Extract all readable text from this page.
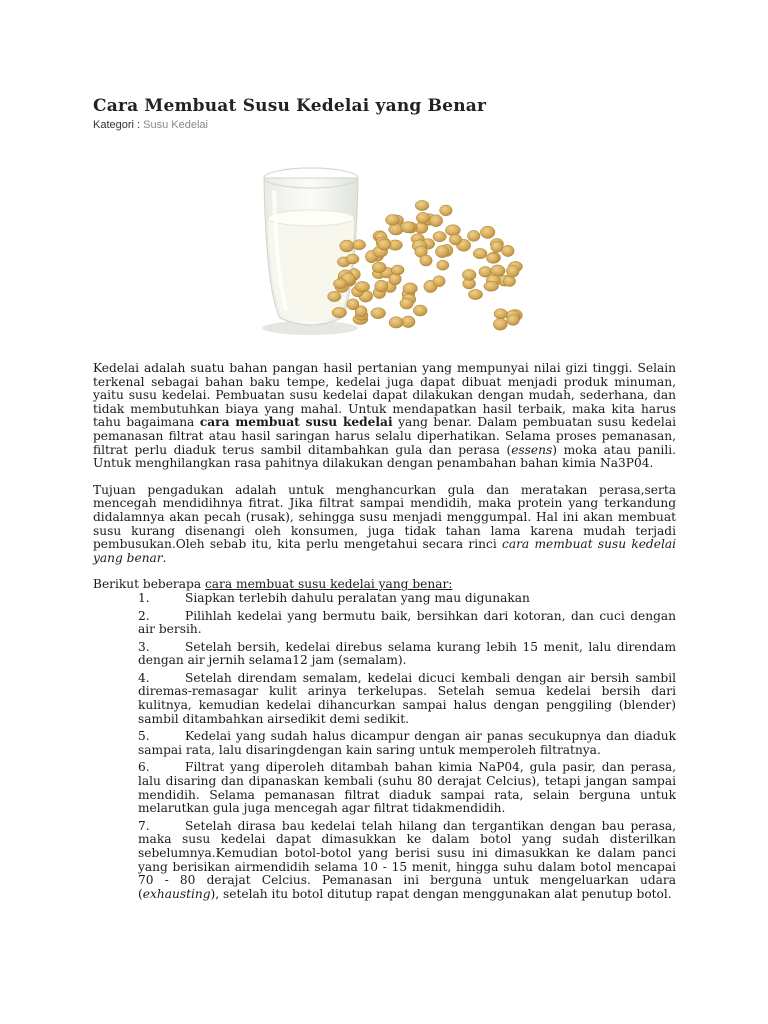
Cara Membuat Susu Kedelai yang Benar
Kategori : Susu Kedelai

Kedelai adalah suatu bahan pangan hasil pertanian yang mempunyai nilai gizi tinggi. Selain terkenal sebagai bahan baku tempe, kedelai juga dapat dibuat menjadi produk minuman, yaitu susu kedelai. Pembuatan susu kedelai dapat dilakukan dengan mudah, sederhana, dan tidak membutuhkan biaya yang mahal. Untuk mendapatkan hasil terbaik, maka kita harus tahu bagaimana cara membuat susu kedelai yang benar. Dalam pembuatan susu kedelai pemanasan filtrat atau hasil saringan harus selalu diperhatikan. Selama proses pemanasan, filtrat perlu diaduk terus sambil ditambahkan gula dan perasa (essens) moka atau panili. Untuk menghilangkan rasa pahitnya dilakukan dengan penambahan bahan kimia Na3P04.

Tujuan pengadukan adalah untuk menghancurkan gula dan meratakan perasa,serta mencegah mendidihnya fitrat. Jika filtrat sampai mendidih, maka protein yang terkandung didalamnya akan pecah (rusak), sehingga susu menjadi menggumpal. Hal ini akan membuat susu kurang disenangi oleh konsumen, juga tidak tahan lama karena mudah terjadi pembusukan.Oleh sebab itu, kita perlu mengetahui secara rinci cara membuat susu kedelai yang benar.

Berikut beberapa cara membuat susu kedelai yang benar:

1.	Siapkan terlebih dahulu peralatan yang mau digunakan
2.	Pilihlah kedelai yang bermutu baik, bersihkan dari kotoran, dan cuci dengan air bersih.
3.	Setelah bersih, kedelai direbus selama kurang lebih 15 menit, lalu direndam dengan air jernih selama12 jam (semalam).
4.	Setelah direndam semalam, kedelai dicuci kembali dengan air bersih sambil diremas-remasagar kulit arinya terkelupas. Setelah semua kedelai bersih dari kulitnya, kemudian kedelai dihancurkan sampai halus dengan penggiling (blender) sambil ditambahkan airsedikit demi sedikit.
5.	Kedelai yang sudah halus dicampur dengan air panas secukupnya dan diaduk sampai rata, lalu disaringdengan kain saring untuk memperoleh filtratnya.
6.	Filtrat yang diperoleh ditambah bahan kimia NaP04, gula pasir, dan perasa, lalu disaring dan dipanaskan kembali (suhu 80 derajat Celcius), tetapi jangan sampai mendidih. Selama pemanasan filtrat diaduk sampai rata, selain berguna untuk melarutkan gula juga mencegah agar filtrat tidakmendidih.
7.	Setelah dirasa bau kedelai telah hilang dan tergantikan dengan bau perasa, maka susu kedelai dapat dimasukkan ke dalam botol yang sudah disterilkan sebelumnya.Kemudian botol-botol yang berisi susu ini dimasukkan ke dalam panci yang berisikan airmendidih selama 10 - 15 menit, hingga suhu dalam botol mencapai 70 - 80 derajat Celcius. Pemanasan ini berguna untuk mengeluarkan udara (exhausting), setelah itu botol ditutup rapat dengan menggunakan alat penutup botol.
